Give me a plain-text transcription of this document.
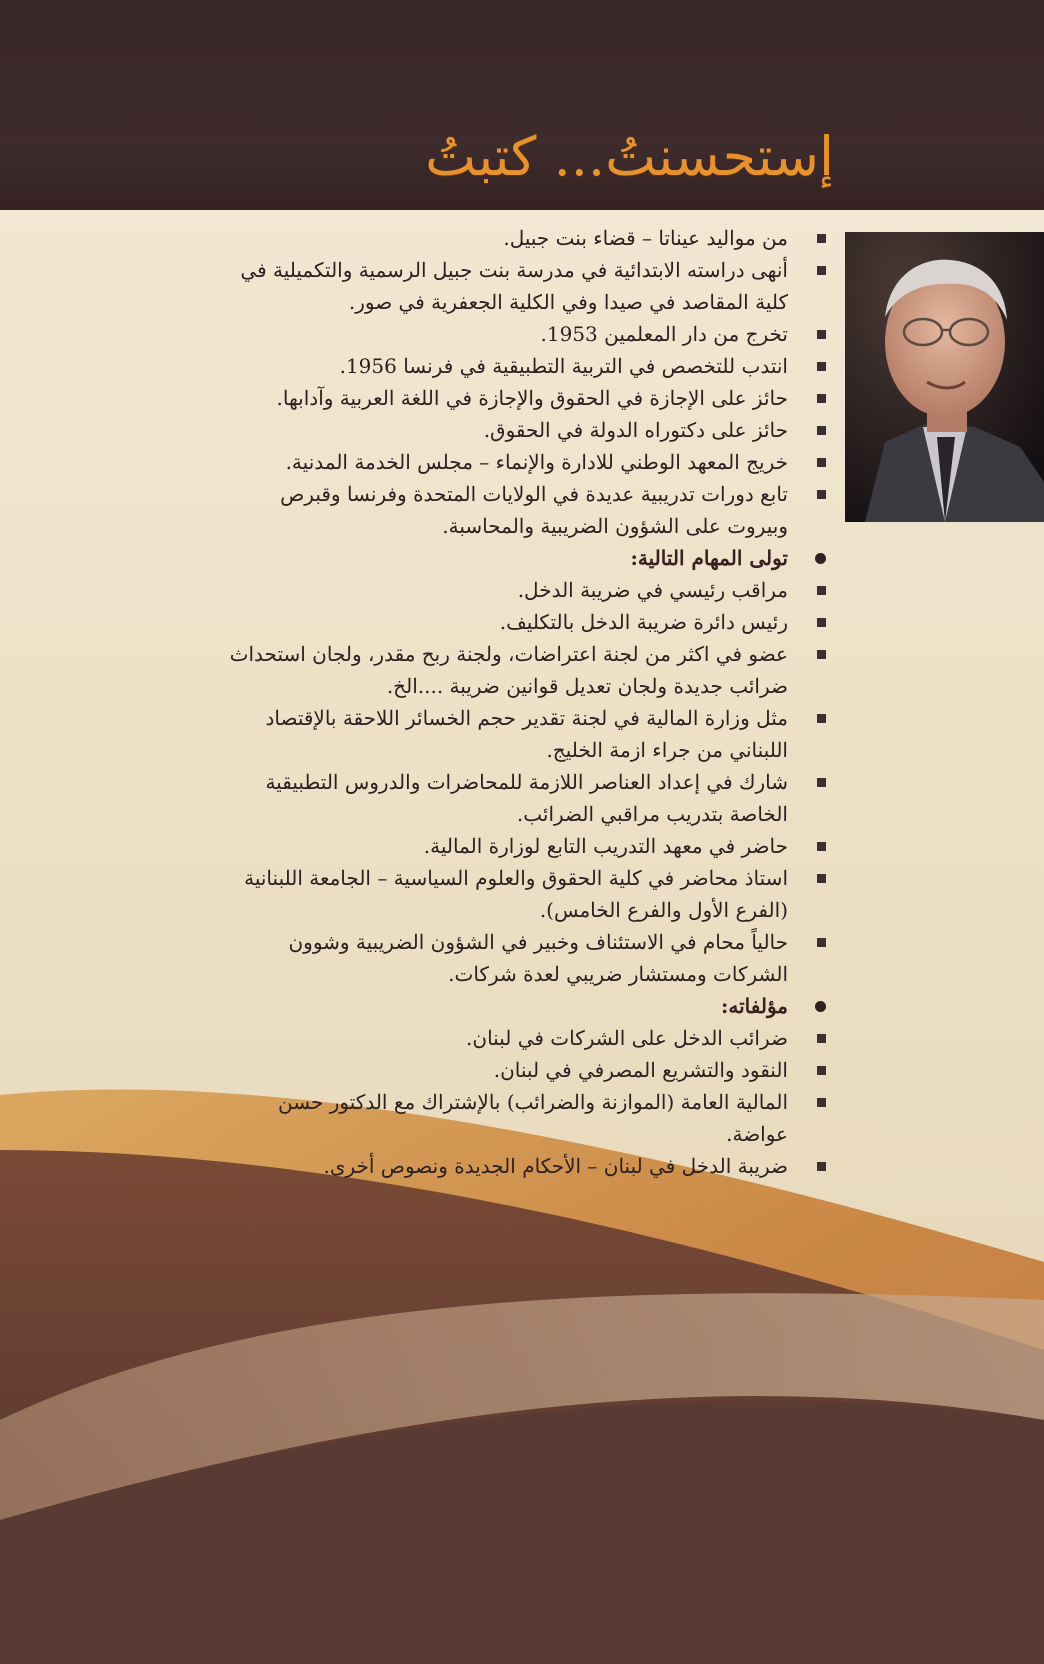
إستحسنتُ... كتبتُ
من مواليد عيناتا – قضاء بنت جبيل.
أنهى دراسته الابتدائية في مدرسة بنت جبيل الرسمية والتكميلية في كلية المقاصد في صيدا وفي الكلية الجعفرية في صور.
تخرج من دار المعلمين 1953.
انتدب للتخصص في التربية التطبيقية في فرنسا 1956.
حائز على الإجازة في الحقوق والإجازة في اللغة العربية وآدابها.
حائز على دكتوراه الدولة في الحقوق.
خريج المعهد الوطني للادارة والإنماء – مجلس الخدمة المدنية.
تابع دورات تدريبية عديدة في الولايات المتحدة وفرنسا وقبرص وبيروت على الشؤون الضريبية والمحاسبة.
تولى المهام التالية:
مراقب رئيسي في ضريبة الدخل.
رئيس دائرة ضريبة الدخل بالتكليف.
عضو في اكثر من لجنة اعتراضات، ولجنة ربح مقدر، ولجان استحداث ضرائب جديدة ولجان تعديل قوانين ضريبة ....الخ.
مثل وزارة المالية في لجنة تقدير حجم الخسائر اللاحقة بالإقتصاد اللبناني من جراء ازمة الخليج.
شارك في إعداد العناصر اللازمة للمحاضرات والدروس التطبيقية الخاصة بتدريب مراقبي الضرائب.
حاضر في معهد التدريب التابع لوزارة المالية.
استاذ محاضر في كلية الحقوق والعلوم السياسية – الجامعة اللبنانية (الفرع الأول والفرع الخامس).
حالياً محام في الاستئناف وخبير في الشؤون الضريبية وشوون الشركات ومستشار ضريبي لعدة شركات.
مؤلفاته:
ضرائب الدخل على الشركات في لبنان.
النقود والتشريع المصرفي في لبنان.
المالية العامة (الموازنة والضرائب) بالإشتراك مع الدكتور حسن عواضة.
ضريبة الدخل في لبنان – الأحكام الجديدة ونصوص أخرى.
